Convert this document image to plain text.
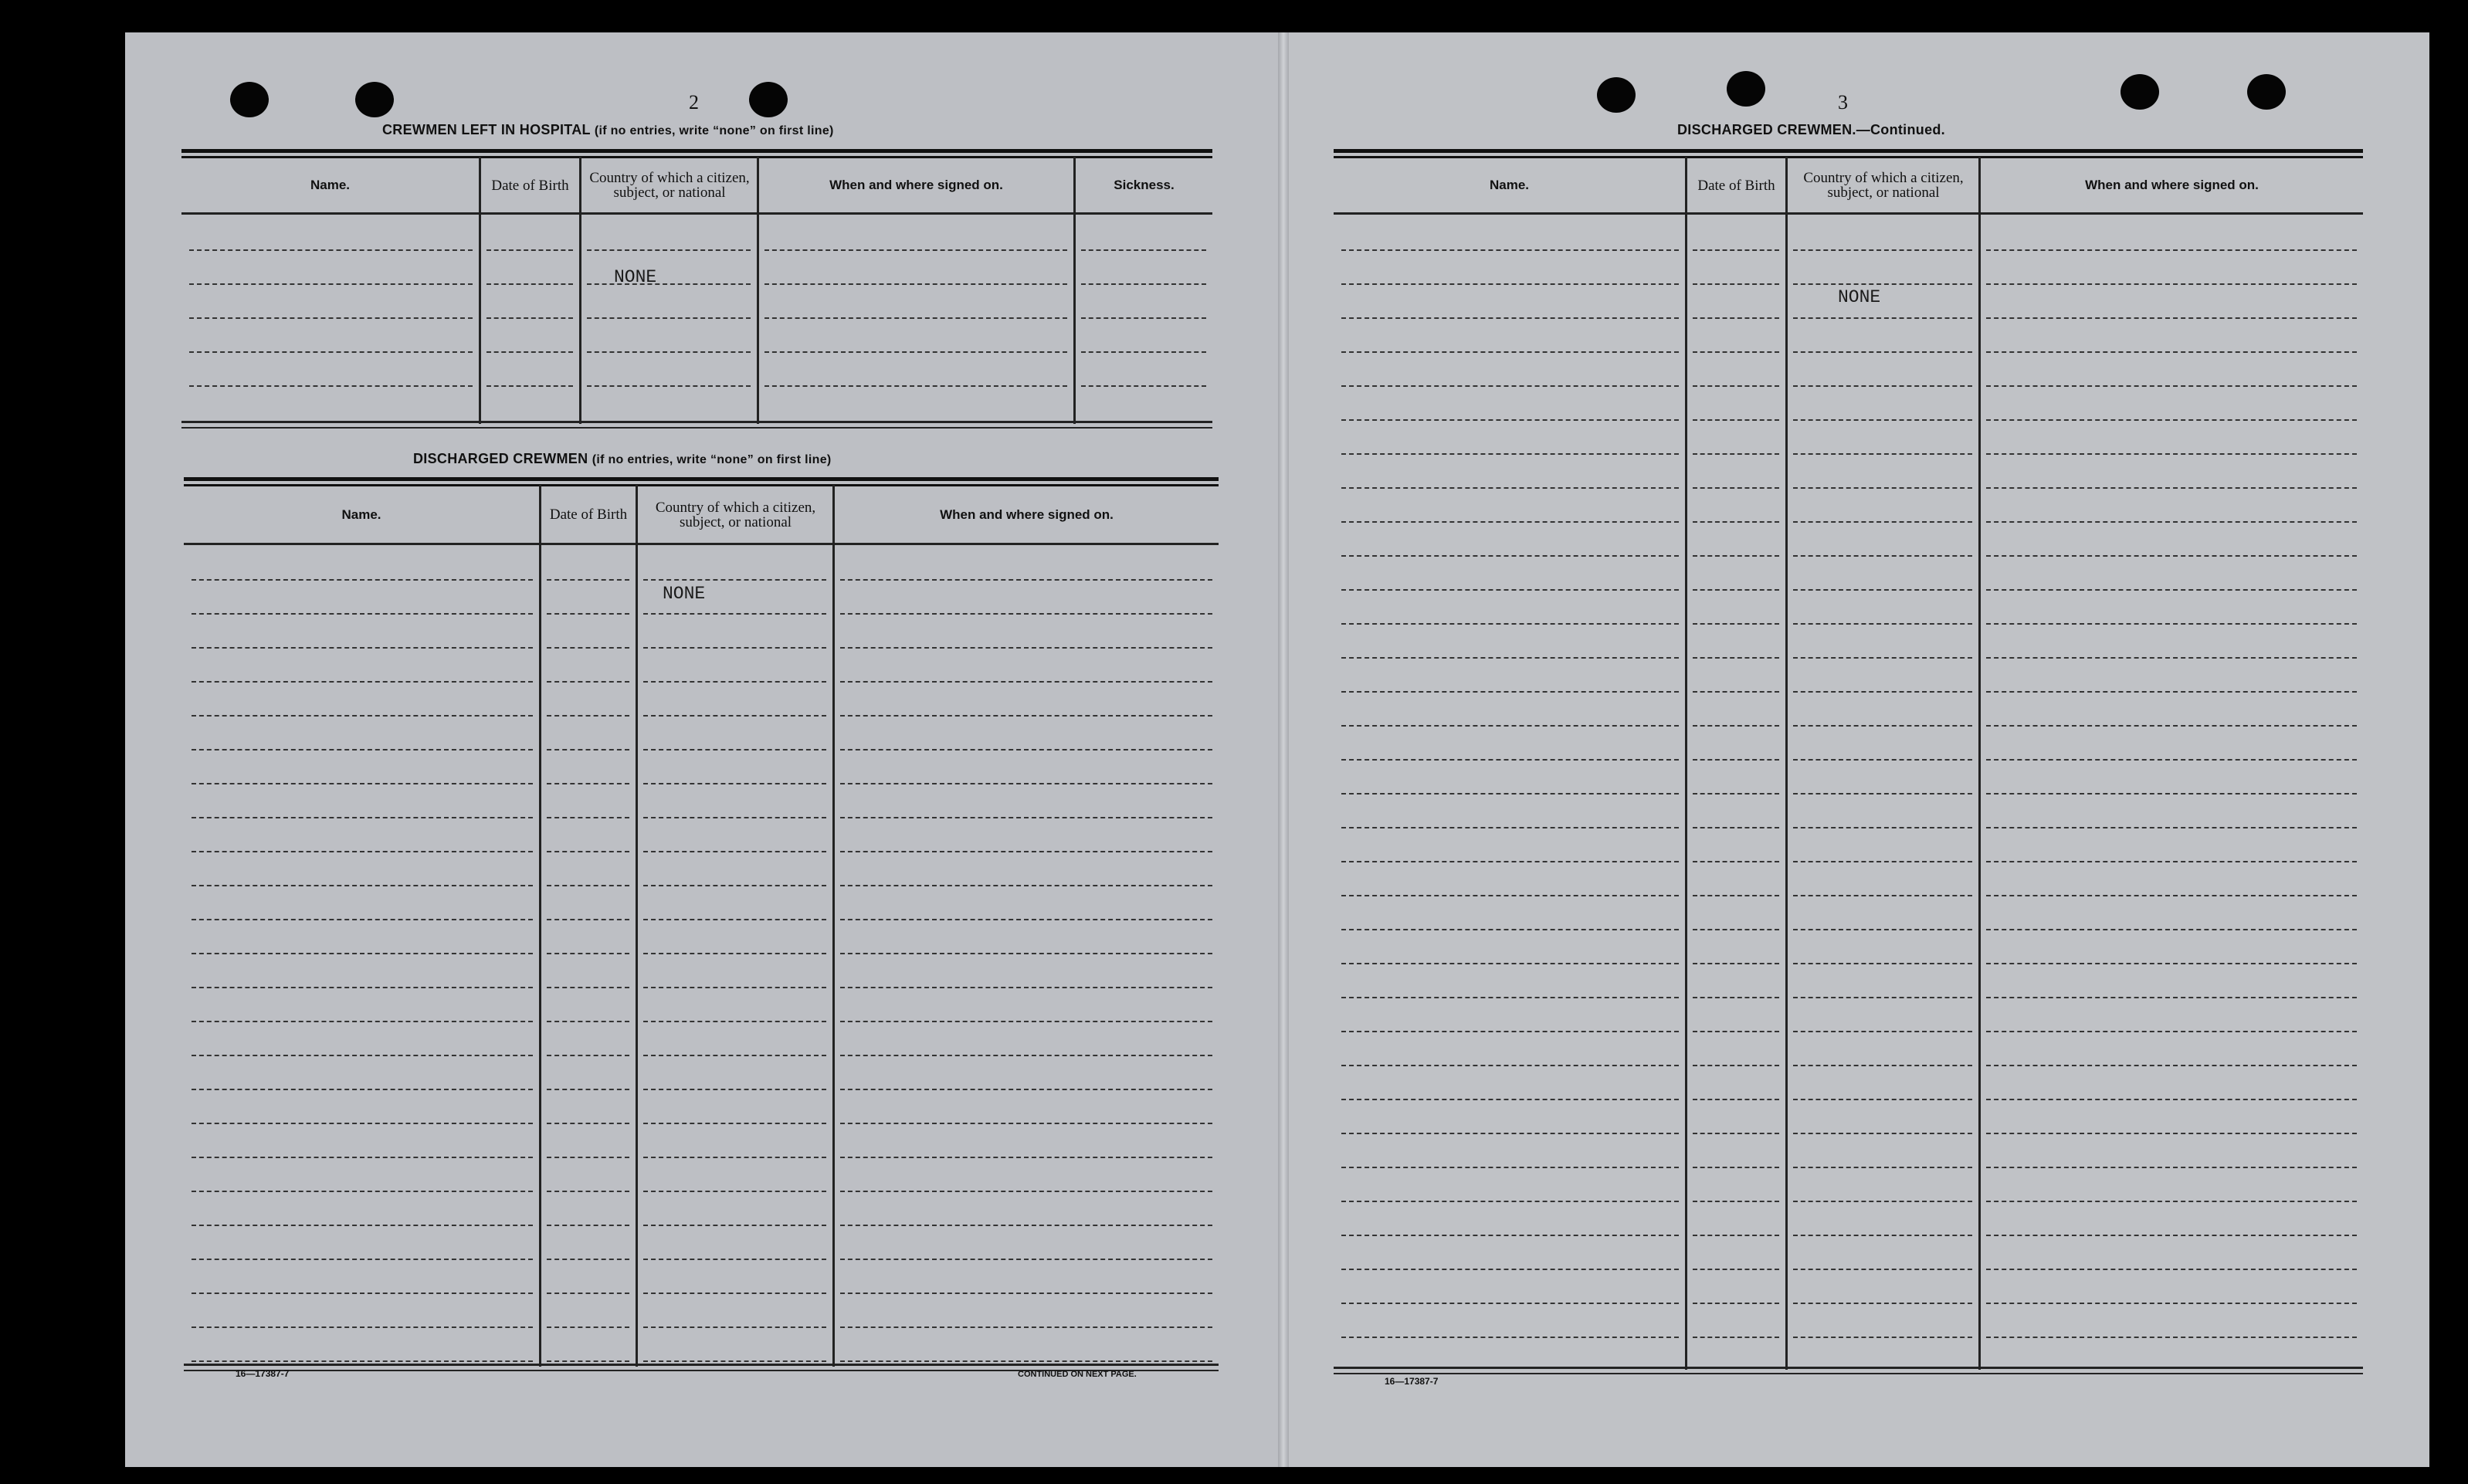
2
CREWMEN LEFT IN HOSPITAL (if no entries, write “none” on first line)
Name.	Date of Birth	Country of which a citizen, subject, or national	When and where signed on.	Sickness.
NONE
DISCHARGED CREWMEN (if no entries, write “none” on first line)
Name.	Date of Birth	Country of which a citizen, subject, or national	When and where signed on.
NONE
16—17387-7	CONTINUED ON NEXT PAGE.
3
DISCHARGED CREWMEN.—Continued.
Name.	Date of Birth	Country of which a citizen, subject, or national	When and where signed on.
NONE
16—17387-7
